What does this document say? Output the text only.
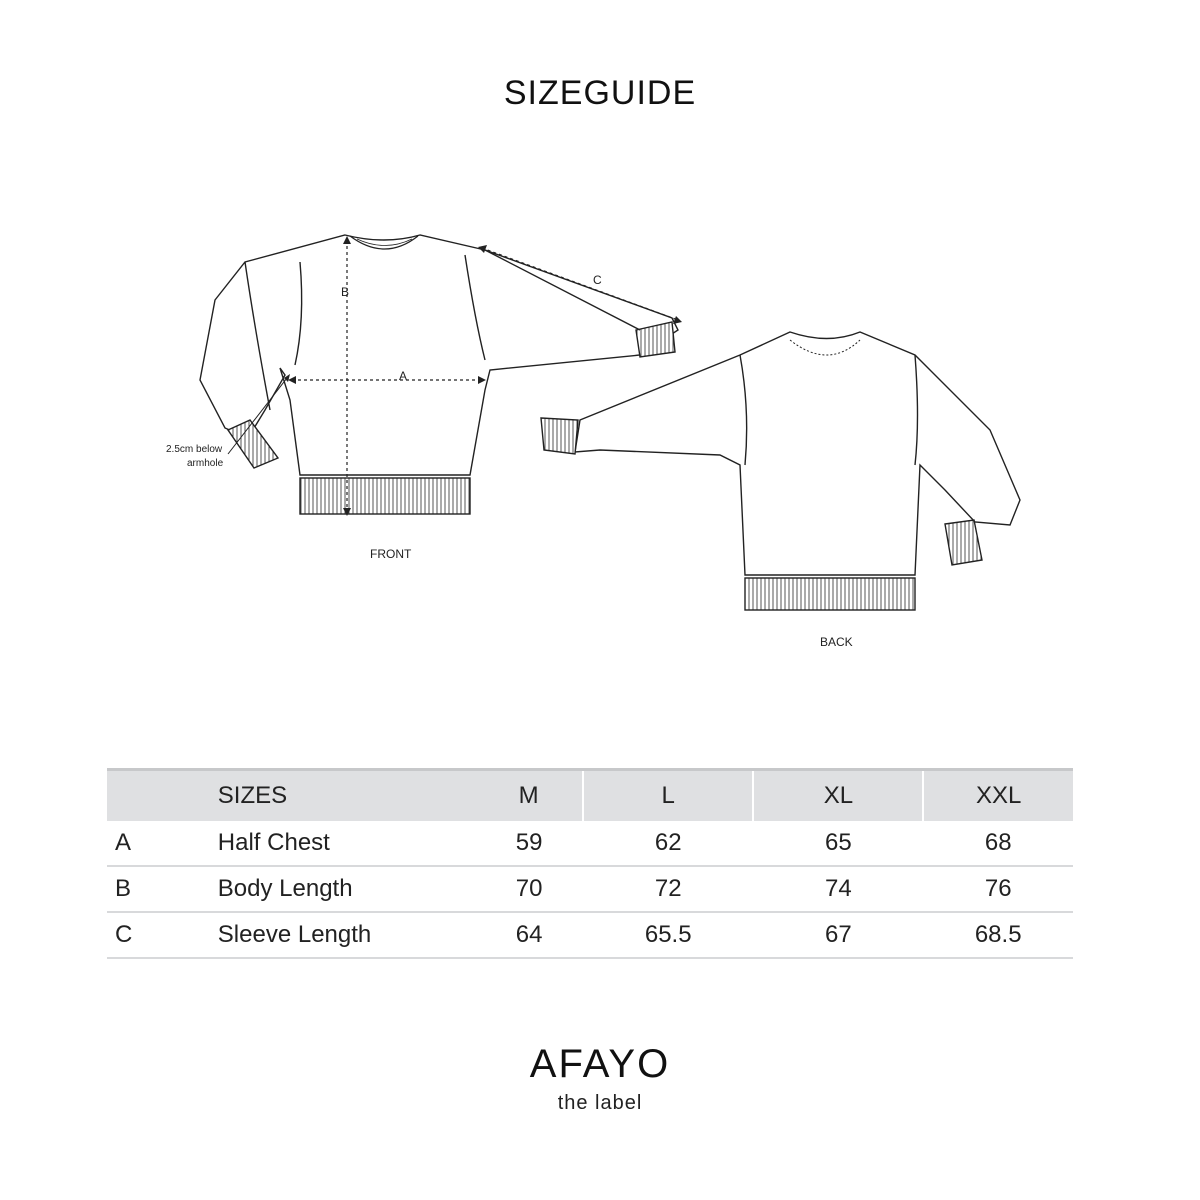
SIZEGUIDE
B
A
C
2.5cm below
armhole
FRONT
BACK
	SIZES	M	L	XL	XXL
A	Half Chest	59	62	65	68
B	Body Length	70	72	74	76
C	Sleeve Length	64	65.5	67	68.5
AFAYO
the label
